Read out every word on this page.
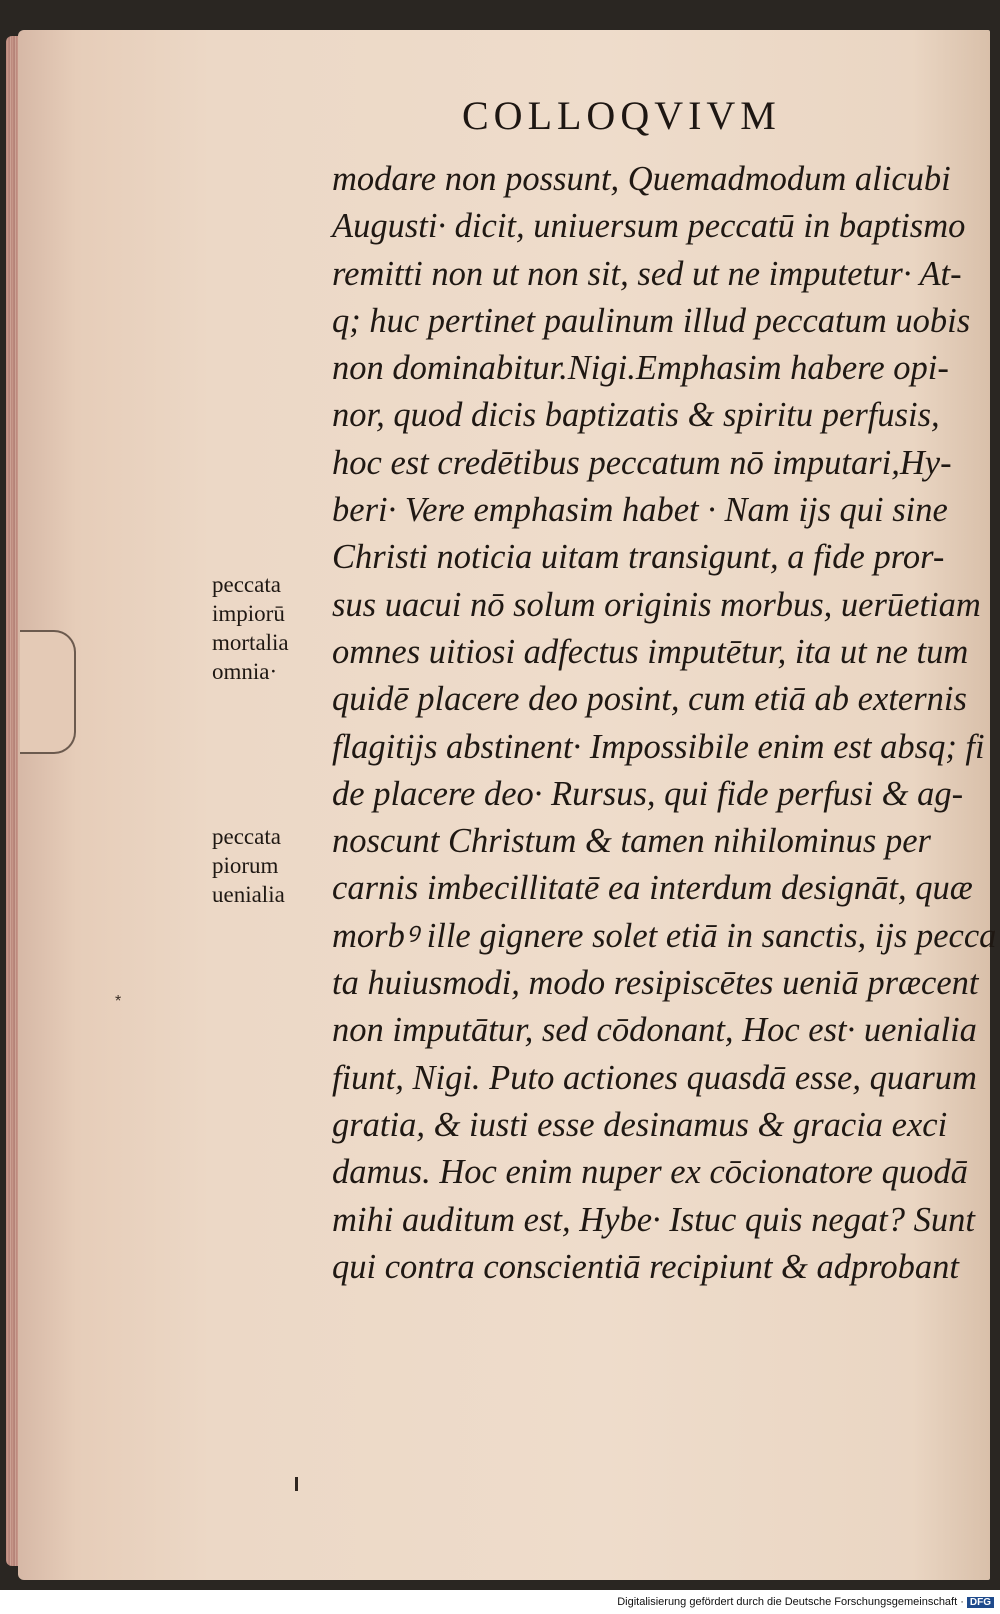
COLLOQVIVM
modare non possunt, Quemadmodum alicubi
Augusti· dicit, uniuersum peccatū in baptismo
remitti non ut non sit, sed ut ne imputetur· At-
q; huc pertinet paulinum illud peccatum uobis
non dominabitur.Nigi.Emphasim habere opi-
nor, quod dicis baptizatis & spiritu perfusis,
hoc est credētibus peccatum nō imputari,Hy-
beri· Vere emphasim habet · Nam ijs qui sine
Christi noticia uitam transigunt, a fide pror-
sus uacui nō solum originis morbus, uerūetiam
omnes uitiosi adfectus imputētur, ita ut ne tum
quidē placere deo posint, cum etiā ab externis
flagitijs abstinent· Impossibile enim est absq; fi
de placere deo· Rursus, qui fide perfusi & ag-
noscunt Christum & tamen nihilominus per
carnis imbecillitatē ea interdum designāt, quæ
morbꝰ ille gignere solet etiā in sanctis, ijs pecca
ta huiusmodi, modo resipiscētes ueniā præcent
non imputātur, sed cōdonant, Hoc est· uenialia
fiunt, Nigi. Puto actiones quasdā esse, quarum
gratia, & iusti esse desinamus & gracia exci
damus. Hoc enim nuper ex cōcionatore quodā
mihi auditum est, Hybe· Istuc quis negat? Sunt
qui contra conscientiā recipiunt & adprobant
peccata
impiorū
mortalia
omnia·
peccata
piorum
uenialia
*
Digitalisierung gefördert durch die Deutsche Forschungsgemeinschaft · DFG
